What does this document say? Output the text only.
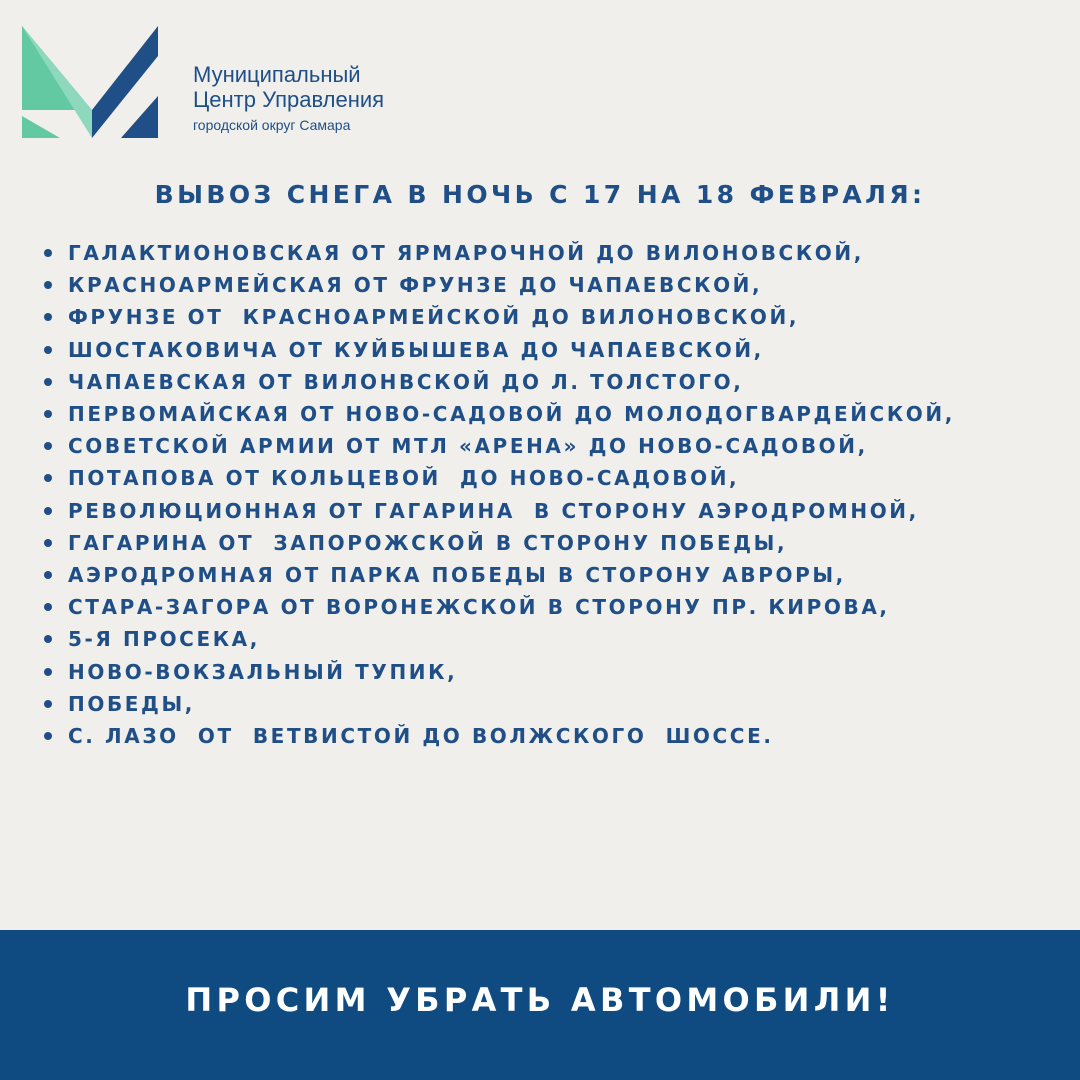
Муниципальный
Центр Управления
городской округ Самара
ВЫВОЗ СНЕГА В НОЧЬ С 17 НА 18 ФЕВРАЛЯ:
ГАЛАКТИОНОВСКАЯ ОТ ЯРМАРОЧНОЙ ДО ВИЛОНОВСКОЙ,
КРАСНОАРМЕЙСКАЯ ОТ ФРУНЗЕ ДО ЧАПАЕВСКОЙ,
ФРУНЗЕ ОТ  КРАСНОАРМЕЙСКОЙ ДО ВИЛОНОВСКОЙ,
ШОСТАКОВИЧА ОТ КУЙБЫШЕВА ДО ЧАПАЕВСКОЙ,
ЧАПАЕВСКАЯ ОТ ВИЛОНВСКОЙ ДО Л. ТОЛСТОГО,
ПЕРВОМАЙСКАЯ ОТ НОВО-САДОВОЙ ДО МОЛОДОГВАРДЕЙСКОЙ,
СОВЕТСКОЙ АРМИИ ОТ МТЛ «АРЕНА» ДО НОВО-САДОВОЙ,
ПОТАПОВА ОТ КОЛЬЦЕВОЙ  ДО НОВО-САДОВОЙ,
РЕВОЛЮЦИОННАЯ ОТ ГАГАРИНА  В СТОРОНУ АЭРОДРОМНОЙ,
ГАГАРИНА ОТ  ЗАПОРОЖСКОЙ В СТОРОНУ ПОБЕДЫ,
АЭРОДРОМНАЯ ОТ ПАРКА ПОБЕДЫ В СТОРОНУ АВРОРЫ,
СТАРА-ЗАГОРА ОТ ВОРОНЕЖСКОЙ В СТОРОНУ ПР. КИРОВА,
5-Я ПРОСЕКА,
НОВО-ВОКЗАЛЬНЫЙ ТУПИК,
ПОБЕДЫ,
С. ЛАЗО  ОТ  ВЕТВИСТОЙ ДО ВОЛЖСКОГО  ШОССЕ.
ПРОСИМ УБРАТЬ АВТОМОБИЛИ!
